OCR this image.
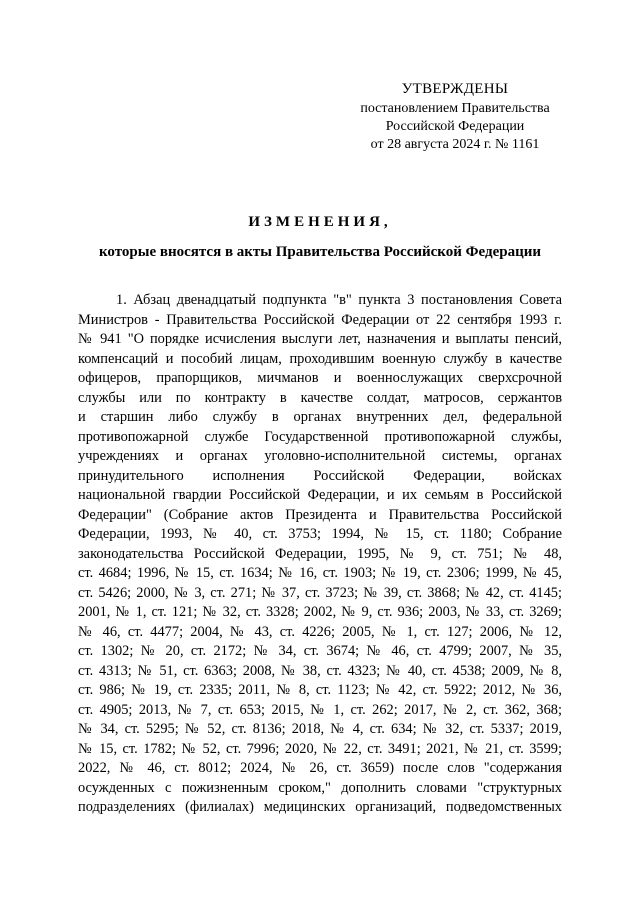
УТВЕРЖДЕНЫ
постановлением Правительства
Российской Федерации
от 28 августа 2024 г. № 1161
ИЗМЕНЕНИЯ,
которые вносятся в акты Правительства Российской Федерации
1. Абзац двенадцатый подпункта "в" пункта 3 постановления Совета
Министров - Правительства Российской Федерации от 22 сентября 1993 г.
№ 941 "О порядке исчисления выслуги лет, назначения и выплаты пенсий,
компенсаций и пособий лицам, проходившим военную службу в качестве
офицеров, прапорщиков, мичманов и военнослужащих сверхсрочной
службы или по контракту в качестве солдат, матросов, сержантов
и старшин либо службу в органах внутренних дел, федеральной
противопожарной службе Государственной противопожарной службы,
учреждениях и органах уголовно-исполнительной системы, органах
принудительного исполнения Российской Федерации, войсках
национальной гвардии Российской Федерации, и их семьям в Российской
Федерации" (Собрание актов Президента и Правительства Российской
Федерации, 1993, № 40, ст. 3753; 1994, № 15, ст. 1180; Собрание
законодательства Российской Федерации, 1995, № 9, ст. 751; № 48,
ст. 4684; 1996, № 15, ст. 1634; № 16, ст. 1903; № 19, ст. 2306; 1999, № 45,
ст. 5426; 2000, № 3, ст. 271; № 37, ст. 3723; № 39, ст. 3868; № 42, ст. 4145;
2001, № 1, ст. 121; № 32, ст. 3328; 2002, № 9, ст. 936; 2003, № 33, ст. 3269;
№ 46, ст. 4477; 2004, № 43, ст. 4226; 2005, № 1, ст. 127; 2006, № 12,
ст. 1302; № 20, ст. 2172; № 34, ст. 3674; № 46, ст. 4799; 2007, № 35,
ст. 4313; № 51, ст. 6363; 2008, № 38, ст. 4323; № 40, ст. 4538; 2009, № 8,
ст. 986; № 19, ст. 2335; 2011, № 8, ст. 1123; № 42, ст. 5922; 2012, № 36,
ст. 4905; 2013, № 7, ст. 653; 2015, № 1, ст. 262; 2017, № 2, ст. 362, 368;
№ 34, ст. 5295; № 52, ст. 8136; 2018, № 4, ст. 634; № 32, ст. 5337; 2019,
№ 15, ст. 1782; № 52, ст. 7996; 2020, № 22, ст. 3491; 2021, № 21, ст. 3599;
2022, № 46, ст. 8012; 2024, № 26, ст. 3659) после слов "содержания
осужденных с пожизненным сроком," дополнить словами "структурных
подразделениях (филиалах) медицинских организаций, подведомственных
